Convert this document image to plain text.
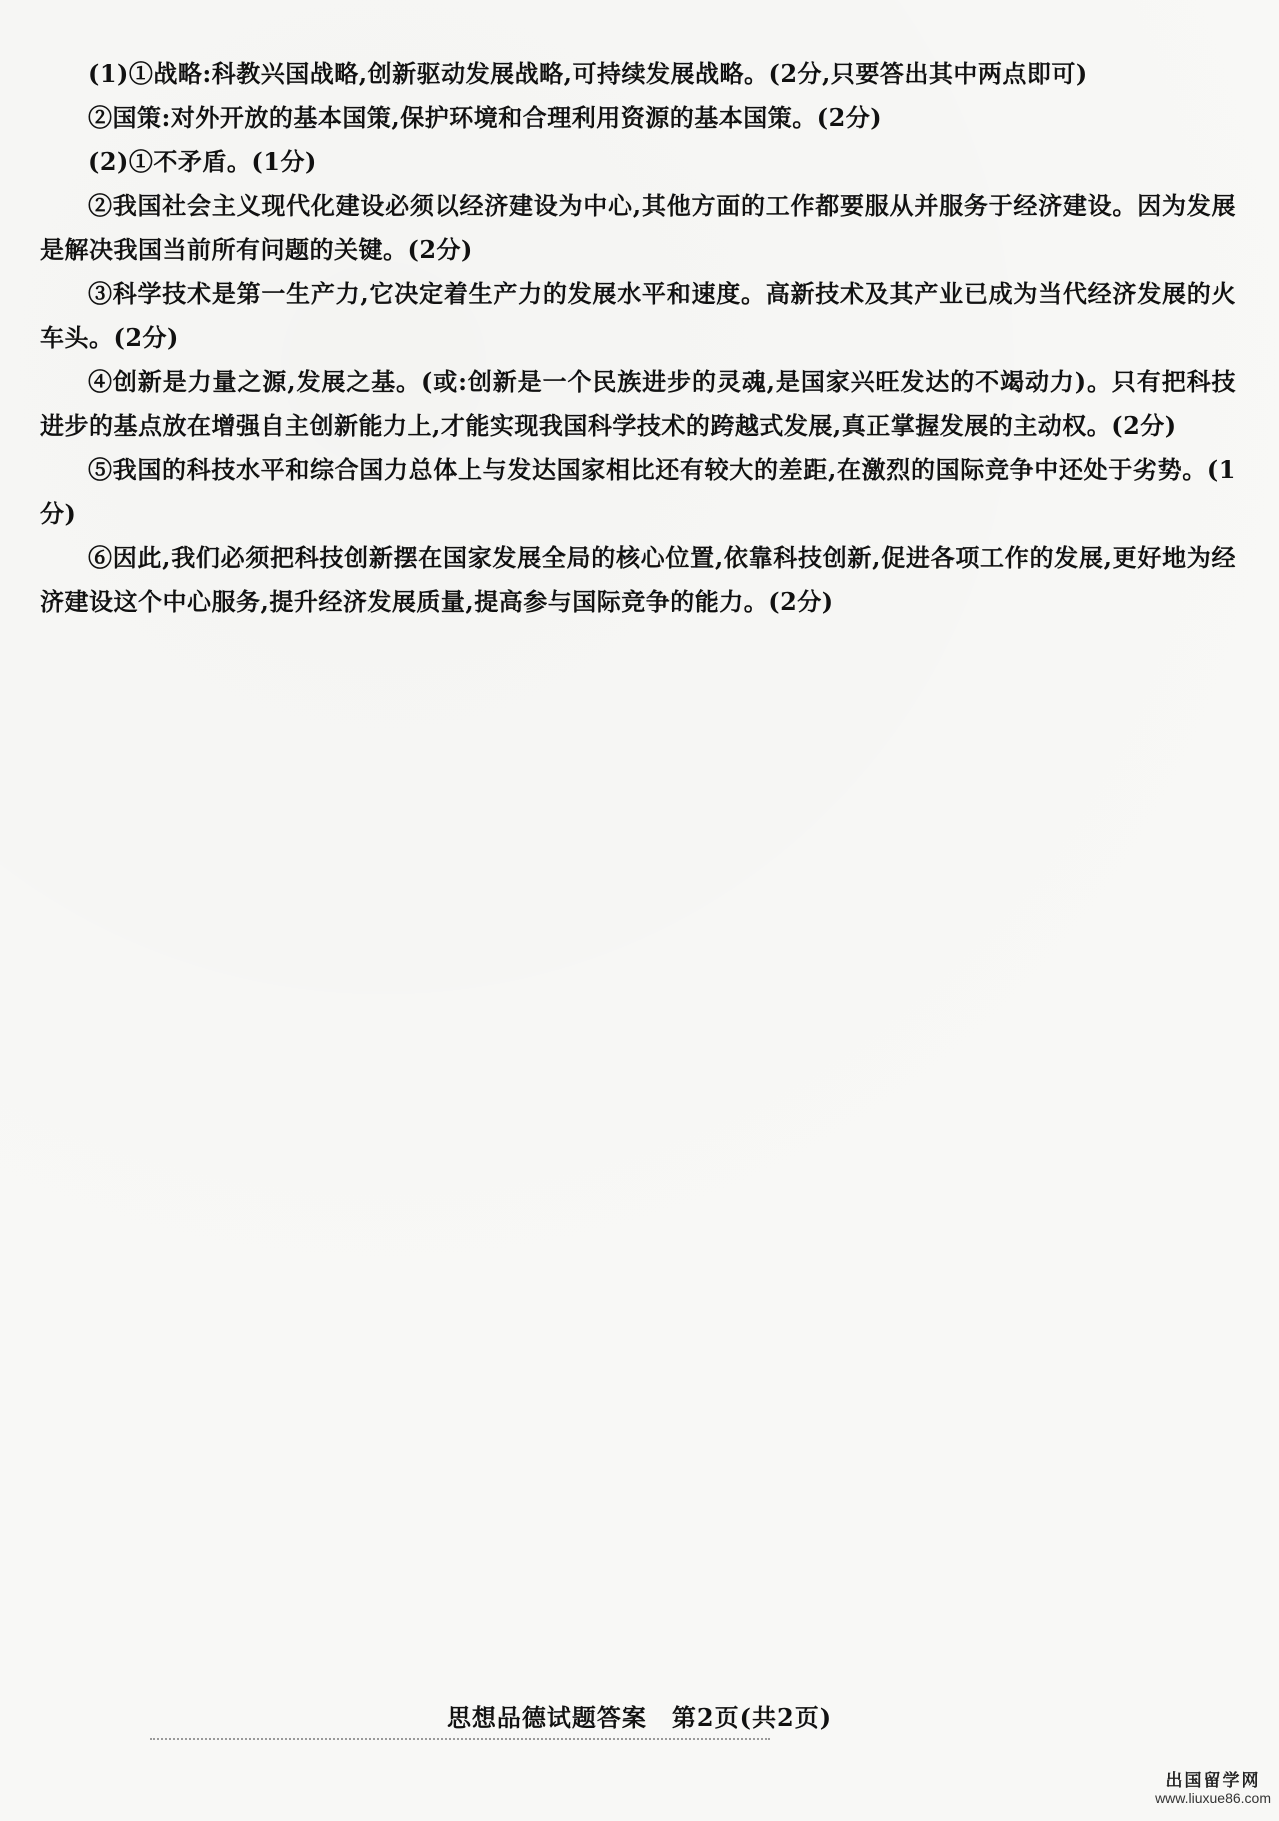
(1)①战略:科教兴国战略,创新驱动发展战略,可持续发展战略。(2分,只要答出其中两点即可)

②国策:对外开放的基本国策,保护环境和合理利用资源的基本国策。(2分)

(2)①不矛盾。(1分)

②我国社会主义现代化建设必须以经济建设为中心,其他方面的工作都要服从并服务于经济建设。因为发展是解决我国当前所有问题的关键。(2分)

③科学技术是第一生产力,它决定着生产力的发展水平和速度。高新技术及其产业已成为当代经济发展的火车头。(2分)

④创新是力量之源,发展之基。(或:创新是一个民族进步的灵魂,是国家兴旺发达的不竭动力)。只有把科技进步的基点放在增强自主创新能力上,才能实现我国科学技术的跨越式发展,真正掌握发展的主动权。(2分)

⑤我国的科技水平和综合国力总体上与发达国家相比还有较大的差距,在激烈的国际竞争中还处于劣势。(1分)

⑥因此,我们必须把科技创新摆在国家发展全局的核心位置,依靠科技创新,促进各项工作的发展,更好地为经济建设这个中心服务,提升经济发展质量,提高参与国际竞争的能力。(2分)

思想品德试题答案　第2页(共2页)
出国留学网
www.liuxue86.com
